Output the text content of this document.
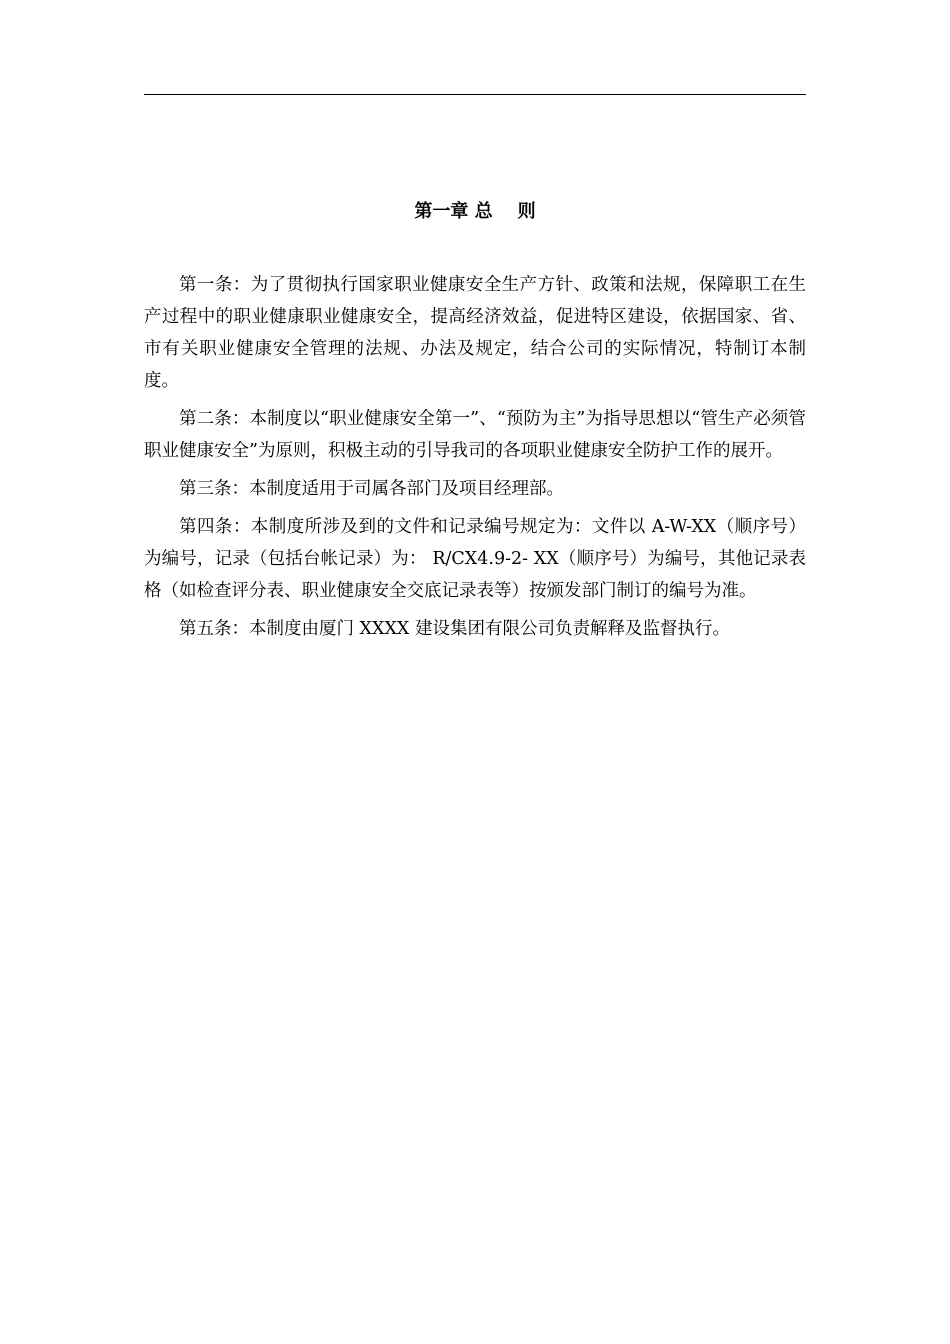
第一章 总    则

第一条：为了贯彻执行国家职业健康安全生产方针、政策和法规，保障职工在生产过程中的职业健康职业健康安全，提高经济效益，促进特区建设，依据国家、省、市有关职业健康安全管理的法规、办法及规定，结合公司的实际情况，特制订本制度。

第二条：本制度以“职业健康安全第一”、“预防为主”为指导思想以“管生产必须管职业健康安全”为原则，积极主动的引导我司的各项职业健康安全防护工作的展开。

第三条：本制度适用于司属各部门及项目经理部。

第四条：本制度所涉及到的文件和记录编号规定为：文件以 A-W-XX（顺序号）为编号，记录（包括台帐记录）为： R/CX4.9-2- XX（顺序号）为编号，其他记录表格（如检查评分表、职业健康安全交底记录表等）按颁发部门制订的编号为准。

第五条：本制度由厦门 XXXX 建设集团有限公司负责解释及监督执行。
